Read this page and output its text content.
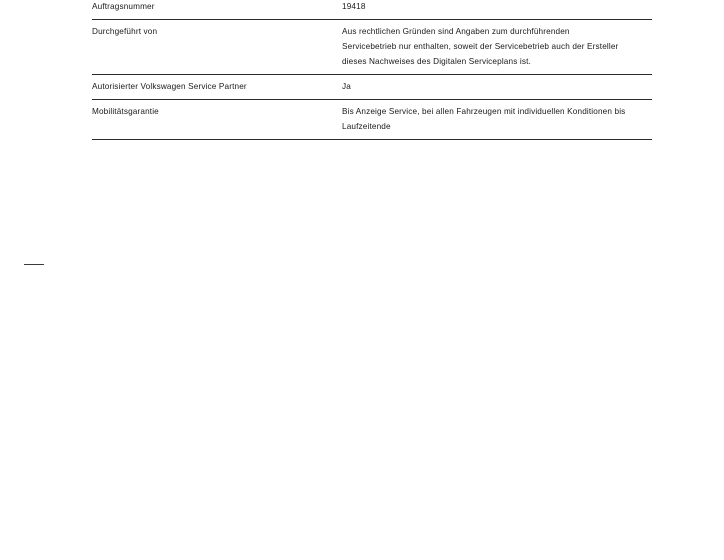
Auftragsnummer	19418
Durchgeführt von	Aus rechtlichen Gründen sind Angaben zum durchführenden
Servicebetrieb nur enthalten, soweit der Servicebetrieb auch der Ersteller
dieses Nachweises des Digitalen Serviceplans ist.
Autorisierter Volkswagen Service Partner	Ja
Mobilitätsgarantie	Bis Anzeige Service, bei allen Fahrzeugen mit individuellen Konditionen bis
Laufzeitende
